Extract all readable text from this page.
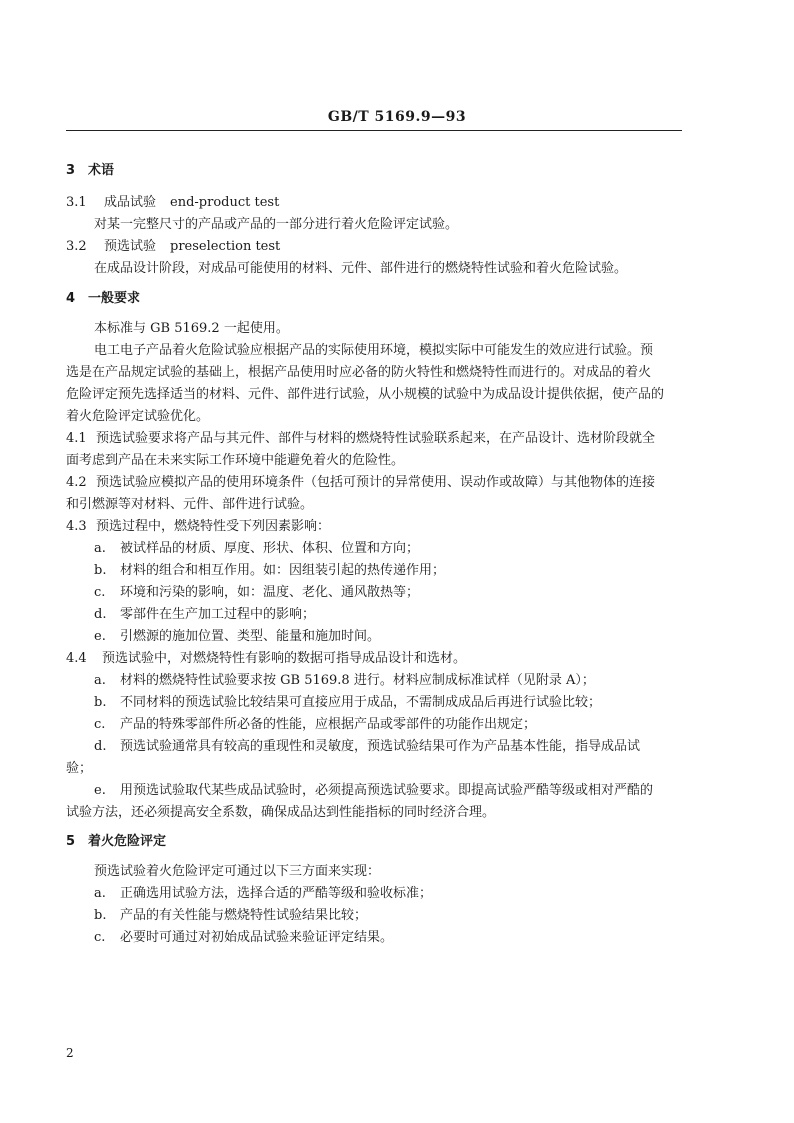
GB/T 5169.9—93
3 术语
3.1 成品试验 end-product test
对某一完整尺寸的产品或产品的一部分进行着火危险评定试验。
3.2 预选试验 preselection test
在成品设计阶段，对成品可能使用的材料、元件、部件进行的燃烧特性试验和着火危险试验。
4 一般要求
本标准与 GB 5169.2 一起使用。
电工电子产品着火危险试验应根据产品的实际使用环境，模拟实际中可能发生的效应进行试验。预
选是在产品规定试验的基础上，根据产品使用时应必备的防火特性和燃烧特性而进行的。对成品的着火
危险评定预先选择适当的材料、元件、部件进行试验，从小规模的试验中为成品设计提供依据，使产品的
着火危险评定试验优化。
4.1 预选试验要求将产品与其元件、部件与材料的燃烧特性试验联系起来，在产品设计、选材阶段就全
面考虑到产品在未来实际工作环境中能避免着火的危险性。
4.2 预选试验应模拟产品的使用环境条件（包括可预计的异常使用、误动作或故障）与其他物体的连接
和引燃源等对材料、元件、部件进行试验。
4.3 预选过程中，燃烧特性受下列因素影响：
a. 被试样品的材质、厚度、形状、体积、位置和方向；
b. 材料的组合和相互作用。如：因组装引起的热传递作用；
c. 环境和污染的影响，如：温度、老化、通风散热等；
d. 零部件在生产加工过程中的影响；
e. 引燃源的施加位置、类型、能量和施加时间。
4.4 预选试验中，对燃烧特性有影响的数据可指导成品设计和选材。
a. 材料的燃烧特性试验要求按 GB 5169.8 进行。材料应制成标准试样（见附录 A）；
b. 不同材料的预选试验比较结果可直接应用于成品，不需制成成品后再进行试验比较；
c. 产品的特殊零部件所必备的性能，应根据产品或零部件的功能作出规定；
d. 预选试验通常具有较高的重现性和灵敏度，预选试验结果可作为产品基本性能，指导成品试
验；
e. 用预选试验取代某些成品试验时，必须提高预选试验要求。即提高试验严酷等级或相对严酷的
试验方法，还必须提高安全系数，确保成品达到性能指标的同时经济合理。
5 着火危险评定
预选试验着火危险评定可通过以下三方面来实现：
a. 正确选用试验方法，选择合适的严酷等级和验收标准；
b. 产品的有关性能与燃烧特性试验结果比较；
c. 必要时可通过对初始成品试验来验证评定结果。
2
